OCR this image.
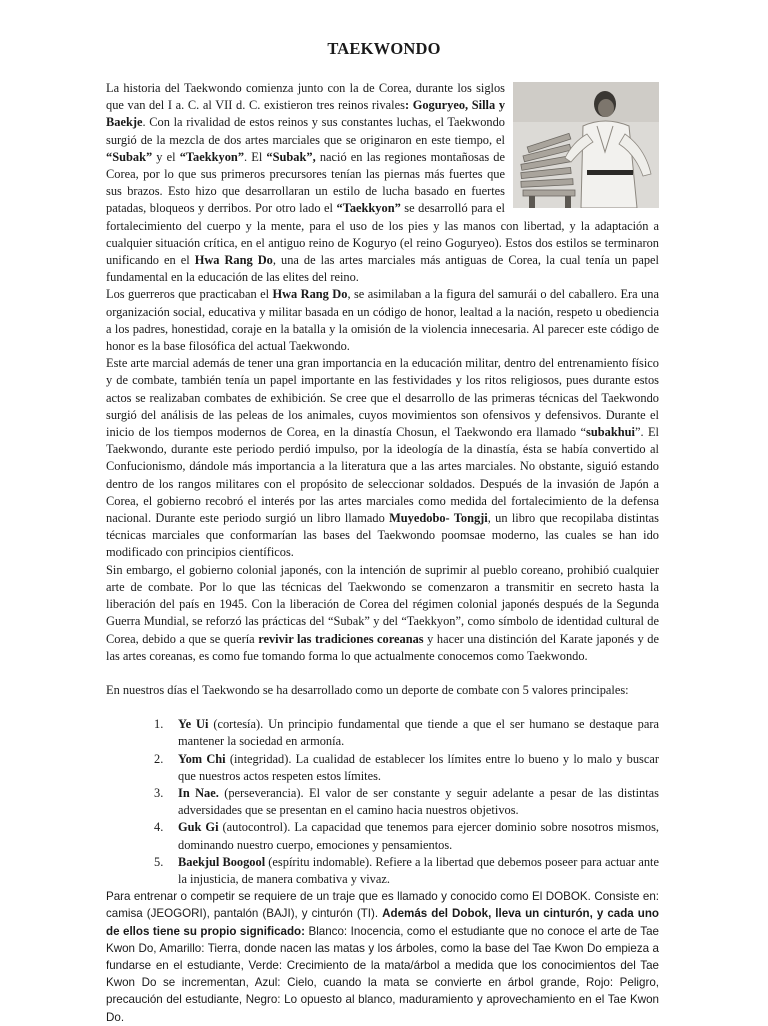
TAEKWONDO

La historia del Taekwondo comienza junto con la de Corea, durante los siglos que van del I a. C. al VII d. C. existieron tres reinos rivales: Goguryeo, Silla y Baekje. Con la rivalidad de estos reinos y sus constantes luchas, el Taekwondo surgió de la mezcla de dos artes marciales que se originaron en este tiempo, el “Subak” y el “Taekkyon”. El “Subak”, nació en las regiones montañosas de Corea, por lo que sus primeros precursores tenían las piernas más fuertes que sus brazos. Esto hizo que desarrollaran un estilo de lucha basado en fuertes patadas, bloqueos y derribos. Por otro lado el “Taekkyon” se desarrolló para el fortalecimiento del cuerpo y la mente, para el uso de los pies y las manos con libertad, y la adaptación a cualquier situación crítica, en el antiguo reino de Koguryo (el reino Goguryeo). Estos dos estilos se terminaron unificando en el Hwa Rang Do, una de las artes marciales más antiguas de Corea, la cual tenía un papel fundamental en la educación de las elites del reino.

Los guerreros que practicaban el Hwa Rang Do, se asimilaban a la figura del samurái o del caballero. Era una organización social, educativa y militar basada en un código de honor, lealtad a la nación, respeto u obediencia a los padres, honestidad, coraje en la batalla y la omisión de la violencia innecesaria. Al parecer este código de honor es la base filosófica del actual Taekwondo.

Este arte marcial además de tener una gran importancia en la educación militar, dentro del entrenamiento físico y de combate, también tenía un papel importante en las festividades y los ritos religiosos, pues durante estos actos se realizaban combates de exhibición. Se cree que el desarrollo de las primeras técnicas del Taekwondo surgió del análisis de las peleas de los animales, cuyos movimientos son ofensivos y defensivos. Durante el inicio de los tiempos modernos de Corea, en la dinastía Chosun, el Taekwondo era llamado “subakhui”. El Taekwondo, durante este periodo perdió impulso, por la ideología de la dinastía, ésta se había convertido al Confucionismo, dándole más importancia a la literatura que a las artes marciales. No obstante, siguió estando dentro de los rangos militares con el propósito de seleccionar soldados. Después de la invasión de Japón a Corea, el gobierno recobró el interés por las artes marciales como medida del fortalecimiento de la defensa nacional. Durante este periodo surgió un libro llamado Muyedobo- Tongji, un libro que recopilaba distintas técnicas marciales que conformarían las bases del Taekwondo poomsae moderno, las cuales se han ido modificado con principios científicos.

Sin embargo, el gobierno colonial japonés, con la intención de suprimir al pueblo coreano, prohibió cualquier arte de combate. Por lo que las técnicas del Taekwondo se comenzaron a transmitir en secreto hasta la liberación del país en 1945. Con la liberación de Corea del régimen colonial japonés después de la Segunda Guerra Mundial, se reforzó las prácticas del “Subak” y del “Taekkyon”, como símbolo de identidad cultural de Corea, debido a que se quería revivir las tradiciones coreanas y hacer una distinción del Karate japonés y de las artes coreanas, es como fue tomando forma lo que actualmente conocemos como Taekwondo.

En nuestros días el Taekwondo se ha desarrollado como un deporte de combate con 5 valores principales:

1. Ye Ui (cortesía). Un principio fundamental que tiende a que el ser humano se destaque para mantener la sociedad en armonía.
2. Yom Chi (integridad). La cualidad de establecer los límites entre lo bueno y lo malo y buscar que nuestros actos respeten estos límites.
3. In Nae. (perseverancia). El valor de ser constante y seguir adelante a pesar de las distintas adversidades que se presentan en el camino hacia nuestros objetivos.
4. Guk Gi (autocontrol). La capacidad que tenemos para ejercer dominio sobre nosotros mismos, dominando nuestro cuerpo, emociones y pensamientos.
5. Baekjul Boogool (espíritu indomable). Refiere a la libertad que debemos poseer para actuar ante la injusticia, de manera combativa y vivaz.

Para entrenar o competir se requiere de un traje que es llamado y conocido como El DOBOK. Consiste en: camisa (JEOGORI), pantalón (BAJI), y cinturón (TI). Además del Dobok, lleva un cinturón, y cada uno de ellos tiene su propio significado: Blanco: Inocencia, como el estudiante que no conoce el arte de Tae Kwon Do, Amarillo: Tierra, donde nacen las matas y los árboles, como la base del Tae Kwon Do empieza a fundarse en el estudiante, Verde: Crecimiento de la mata/árbol a medida que los conocimientos del Tae Kwon Do se incrementan, Azul: Cielo, cuando la mata se convierte en árbol grande, Rojo: Peligro, precaución del estudiante, Negro: Lo opuesto al blanco, maduramiento y aprovechamiento en el Tae Kwon Do.
